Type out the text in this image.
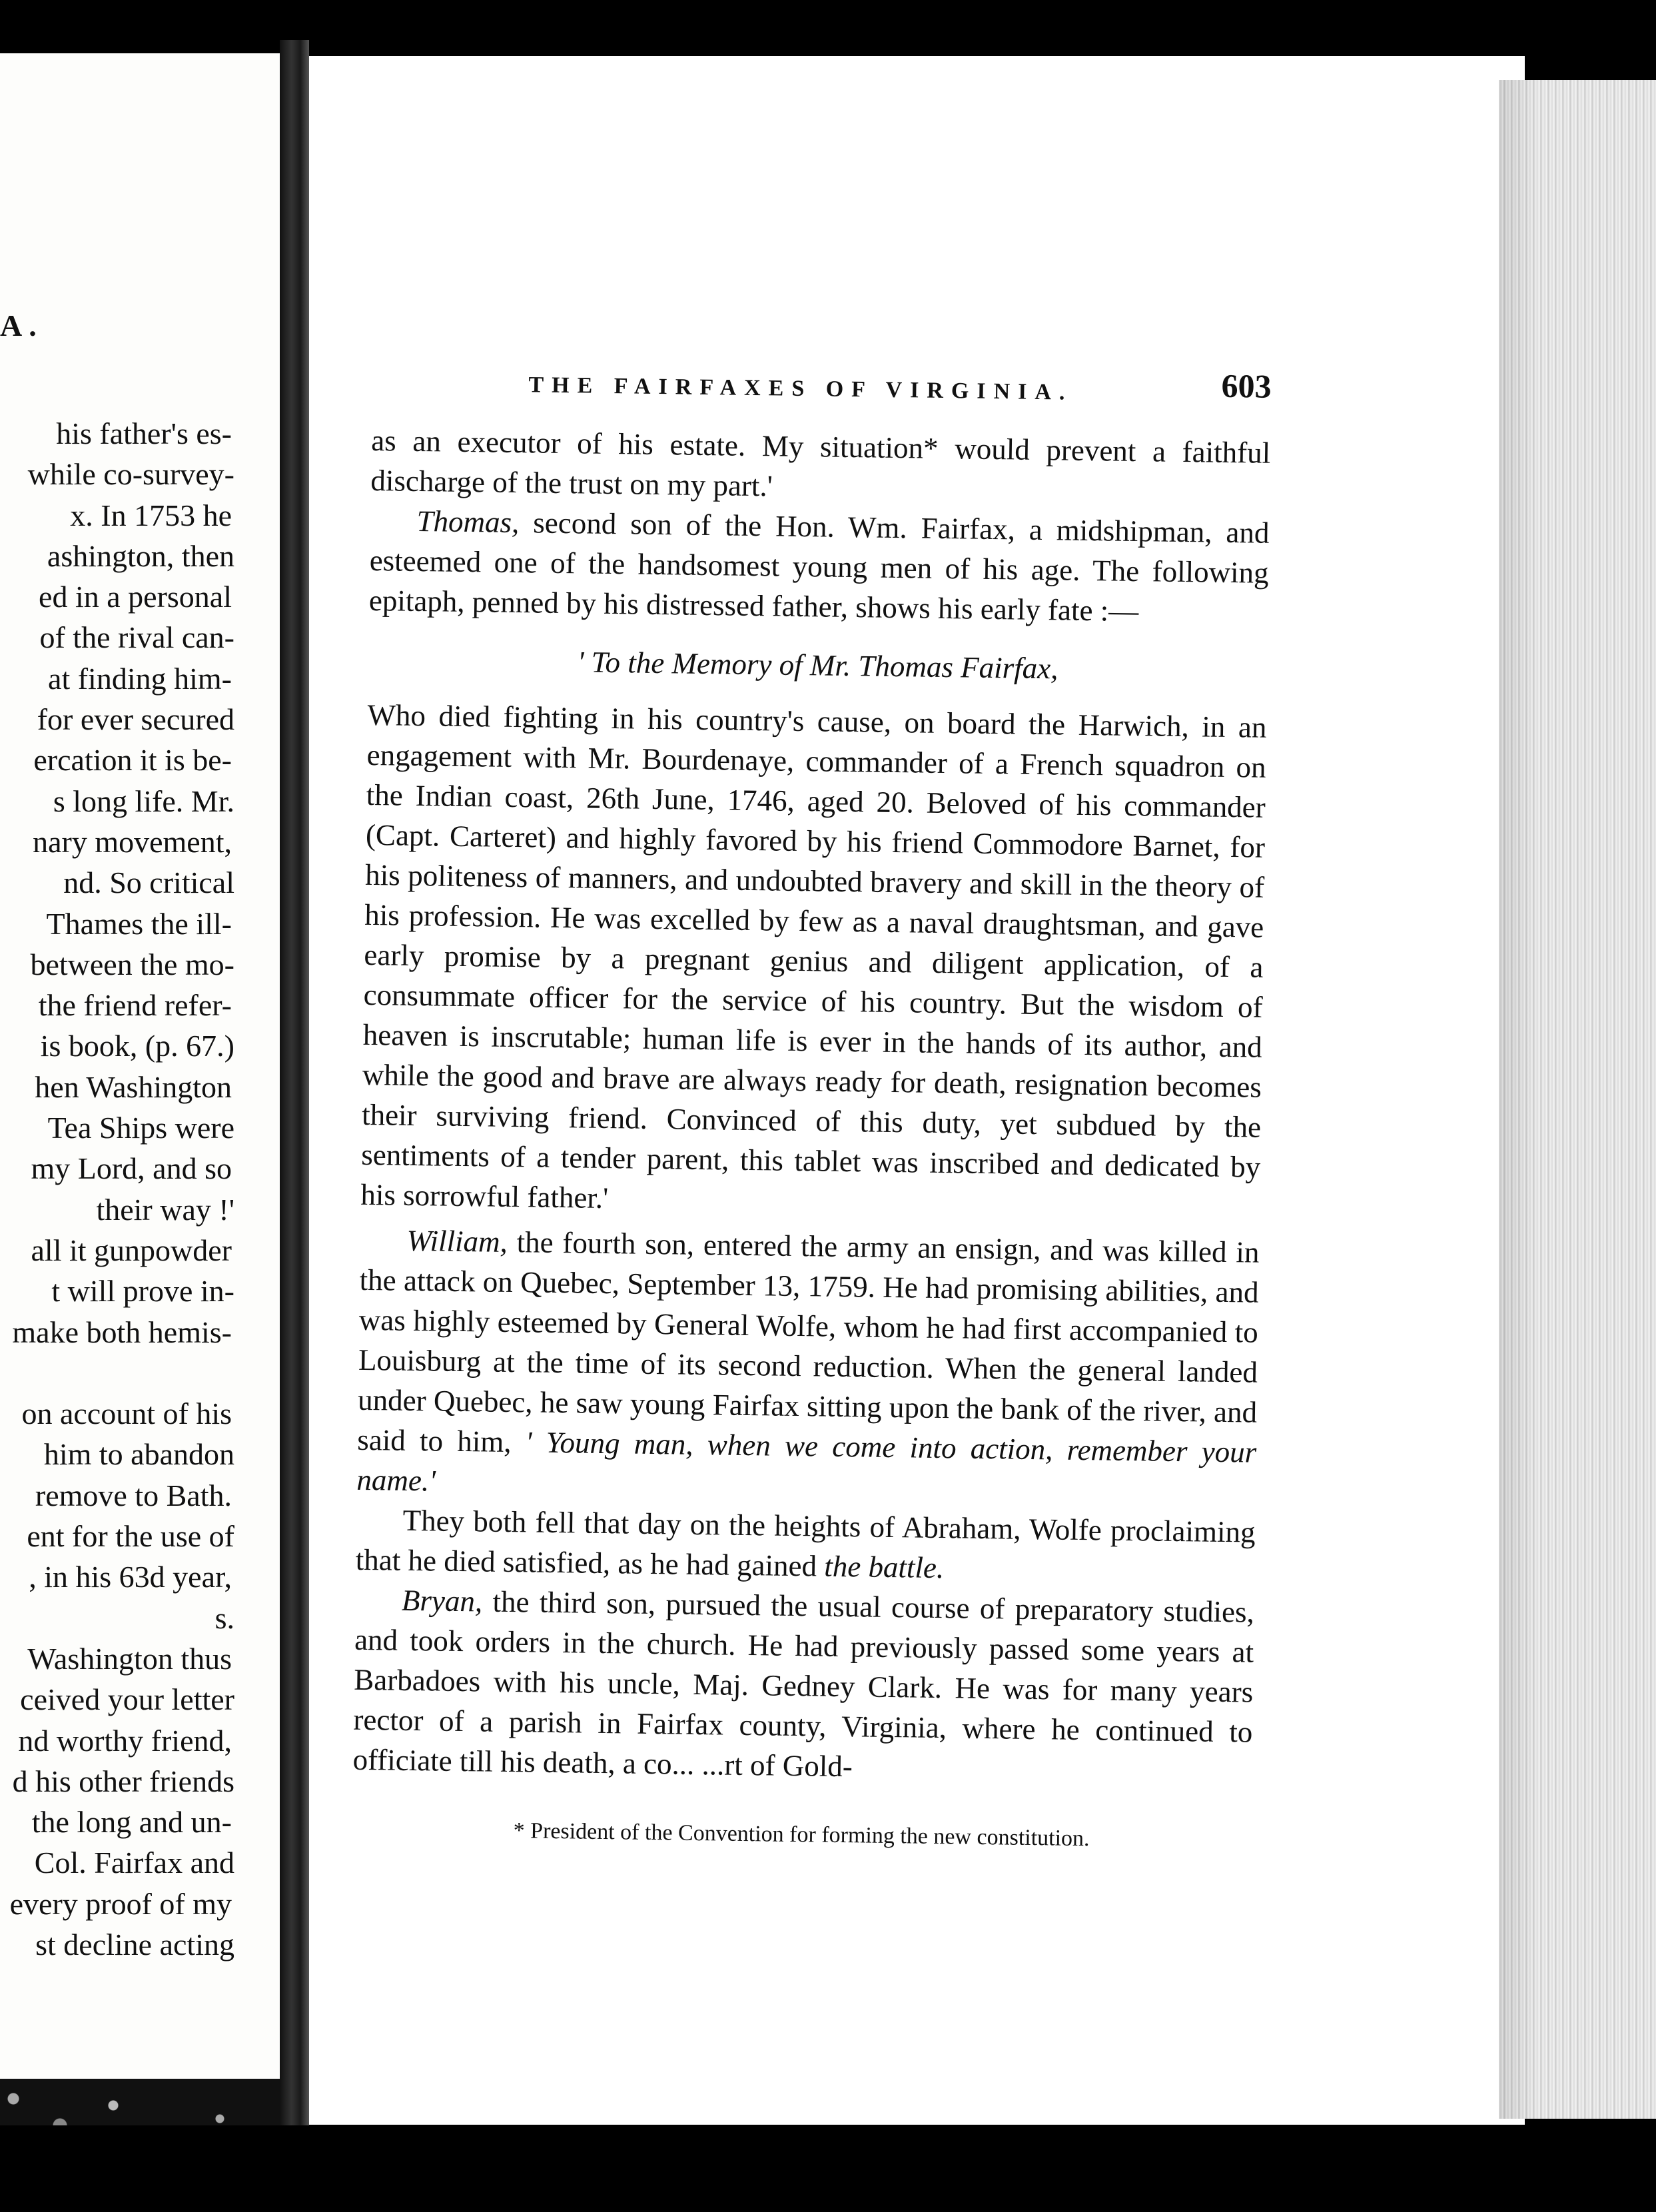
A.
his father's es-
while co-survey-
x. In 1753 he
ashington, then
ed in a personal
of the rival can-
at finding him-
for ever secured
ercation it is be-
s long life. Mr.
nary movement,
nd. So critical
Thames the ill-
between the mo-
the friend refer-
is book, (p. 67.)
hen Washington
Tea Ships were
my Lord, and so
their way !'
all it gunpowder
t will prove in-
make both hemis-

on account of his
him to abandon
remove to Bath.
ent for the use of
, in his 63d year,
s.
Washington thus
ceived your letter
nd worthy friend,
d his other friends
the long and un-
Col. Fairfax and
every proof of my
st decline acting
THE FAIRFAXES OF VIRGINIA.	603

as an executor of his estate. My situation* would prevent a faithful discharge of the trust on my part.'

Thomas, second son of the Hon. Wm. Fairfax, a midshipman, and esteemed one of the handsomest young men of his age. The following epitaph, penned by his distressed father, shows his early fate :—

' To the Memory of Mr. Thomas Fairfax,

Who died fighting in his country's cause, on board the Harwich, in an engagement with Mr. Bourdenaye, commander of a French squadron on the Indian coast, 26th June, 1746, aged 20. Beloved of his commander (Capt. Carteret) and highly favored by his friend Commodore Barnet, for his politeness of manners, and undoubted bravery and skill in the theory of his profession. He was excelled by few as a naval draughtsman, and gave early promise by a pregnant genius and diligent application, of a consummate officer for the service of his country. But the wisdom of heaven is inscrutable; human life is ever in the hands of its author, and while the good and brave are always ready for death, resignation becomes their surviving friend. Convinced of this duty, yet subdued by the sentiments of a tender parent, this tablet was inscribed and dedicated by his sorrowful father.'

William, the fourth son, entered the army an ensign, and was killed in the attack on Quebec, September 13, 1759. He had promising abilities, and was highly esteemed by General Wolfe, whom he had first accompanied to Louisburg at the time of its second reduction. When the general landed under Quebec, he saw young Fairfax sitting upon the bank of the river, and said to him, ' Young man, when we come into action, remember your name.'

They both fell that day on the heights of Abraham, Wolfe proclaiming that he died satisfied, as he had gained the battle.

Bryan, the third son, pursued the usual course of preparatory studies, and took orders in the church. He had previously passed some years at Barbadoes with his uncle, Maj. Gedney Clark. He was for many years rector of a parish in Fairfax county, Virginia, where he continued to officiate till his death, a co... ...rt of Gold-

* President of the Convention for forming the new constitution.
